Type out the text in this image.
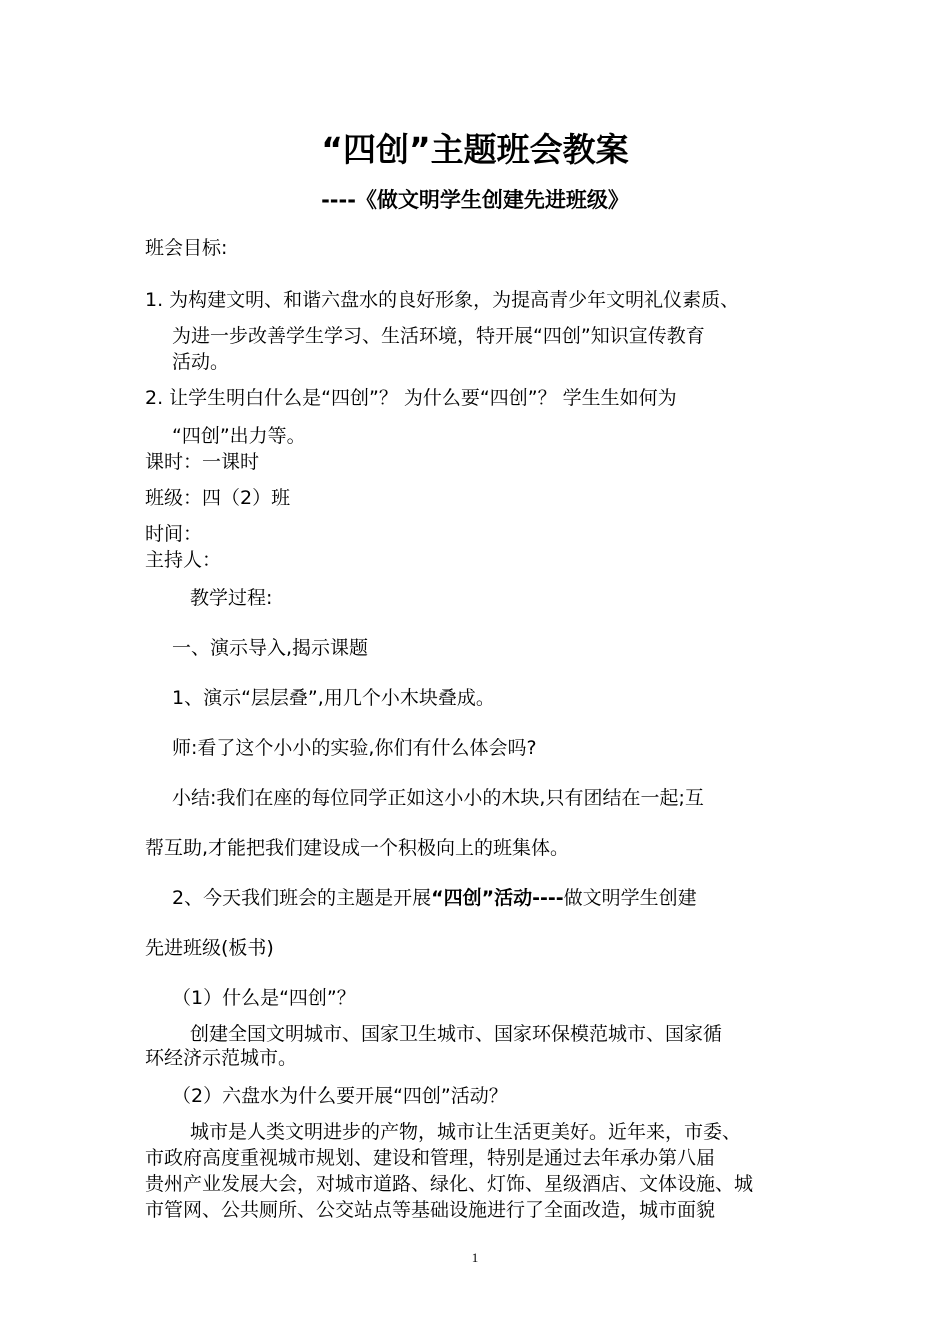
“四创”主题班会教案
----《做文明学生创建先进班级》
班会目标:
1. 为构建文明、和谐六盘水的良好形象，为提高青少年文明礼仪素质、
为进一步改善学生学习、生活环境，特开展“四创”知识宣传教育
活动。
2. 让学生明白什么是“四创”？ 为什么要“四创”？ 学生生如何为
“四创”出力等。
课时：一课时
班级：四（2）班
时间：
主持人：
教学过程:
一、演示导入,揭示课题
1、演示“层层叠”,用几个小木块叠成。
师:看了这个小小的实验,你们有什么体会吗?
小结:我们在座的每位同学正如这小小的木块,只有团结在一起;互
帮互助,才能把我们建设成一个积极向上的班集体。
2、今天我们班会的主题是开展“四创”活动----做文明学生创建
先进班级(板书)
（1）什么是“四创”？
创建全国文明城市、国家卫生城市、国家环保模范城市、国家循
环经济示范城市。
（2）六盘水为什么要开展“四创”活动？
城市是人类文明进步的产物，城市让生活更美好。近年来，市委、
市政府高度重视城市规划、建设和管理，特别是通过去年承办第八届
贵州产业发展大会，对城市道路、绿化、灯饰、星级酒店、文体设施、城
市管网、公共厕所、公交站点等基础设施进行了全面改造，城市面貌
1
